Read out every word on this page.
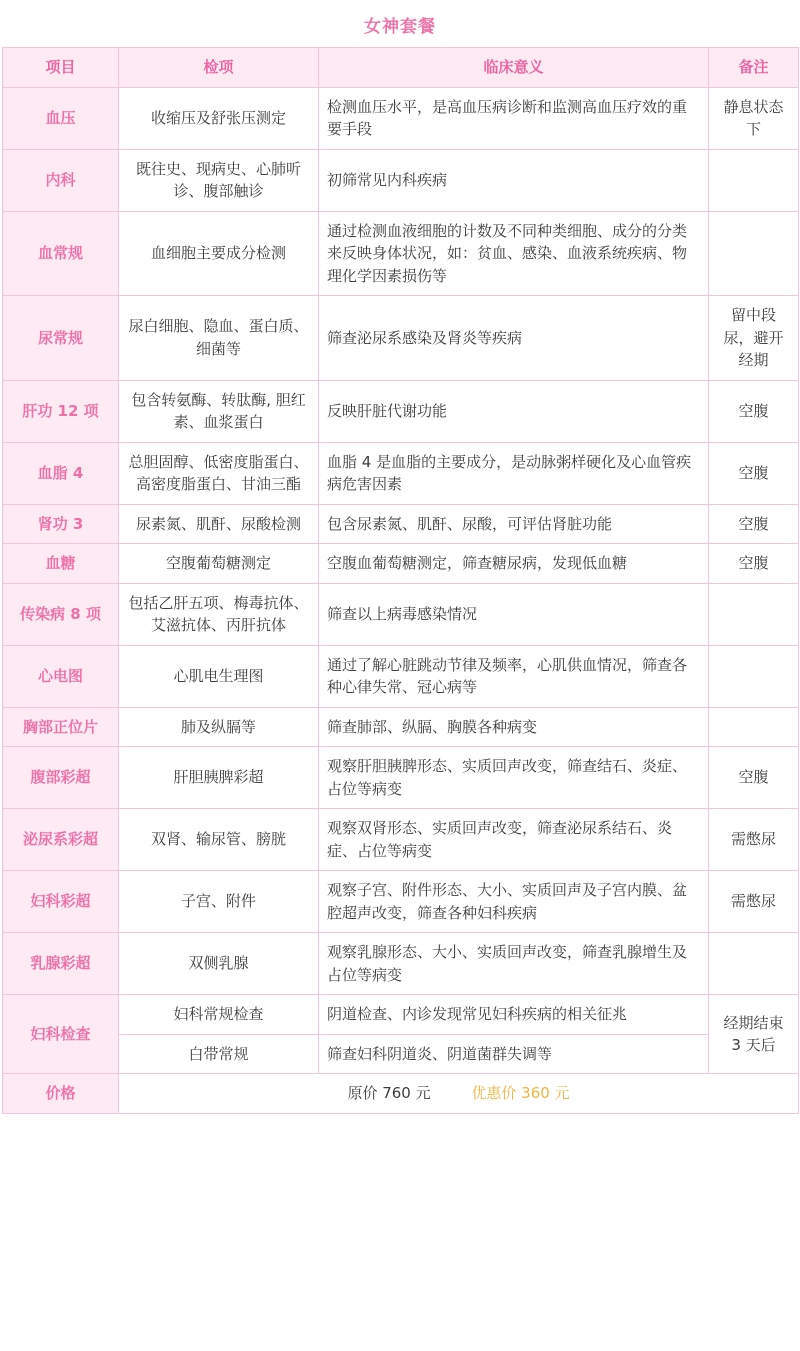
女神套餐
项目	检项	临床意义	备注
血压	收缩压及舒张压测定	检测血压水平，是高血压病诊断和监测高血压疗效的重要手段	静息状态下
内科	既往史、现病史、心肺听诊、腹部触诊	初筛常见内科疾病	
血常规	血细胞主要成分检测	通过检测血液细胞的计数及不同种类细胞、成分的分类来反映身体状况，如：贫血、感染、血液系统疾病、物理化学因素损伤等	
尿常规	尿白细胞、隐血、蛋白质、细菌等	筛查泌尿系感染及肾炎等疾病	留中段尿，避开经期
肝功 12 项	包含转氨酶、转肽酶, 胆红素、血浆蛋白	反映肝脏代谢功能	空腹
血脂 4	总胆固醇、低密度脂蛋白、高密度脂蛋白、甘油三酯	血脂 4 是血脂的主要成分，是动脉粥样硬化及心血管疾病危害因素	空腹
肾功 3	尿素氮、肌酐、尿酸检测	包含尿素氮、肌酐、尿酸，可评估肾脏功能	空腹
血糖	空腹葡萄糖测定	空腹血葡萄糖测定，筛查糖尿病，发现低血糖	空腹
传染病 8 项	包括乙肝五项、梅毒抗体、艾滋抗体、丙肝抗体	筛查以上病毒感染情况	
心电图	心肌电生理图	通过了解心脏跳动节律及频率，心肌供血情况，筛查各种心律失常、冠心病等	
胸部正位片	肺及纵膈等	筛查肺部、纵膈、胸膜各种病变	
腹部彩超	肝胆胰脾彩超	观察肝胆胰脾形态、实质回声改变，筛查结石、炎症、占位等病变	空腹
泌尿系彩超	双肾、输尿管、膀胱	观察双肾形态、实质回声改变，筛查泌尿系结石、炎症、占位等病变	需憋尿
妇科彩超	子宫、附件	观察子宫、附件形态、大小、实质回声及子宫内膜、盆腔超声改变，筛查各种妇科疾病	需憋尿
乳腺彩超	双侧乳腺	观察乳腺形态、大小、实质回声改变，筛查乳腺增生及占位等病变	
妇科检查	妇科常规检查	阴道检查、内诊发现常见妇科疾病的相关征兆	经期结束 3 天后
	白带常规	筛查妇科阴道炎、阴道菌群失调等	
价格	原价 760 元 优惠价 360 元		
